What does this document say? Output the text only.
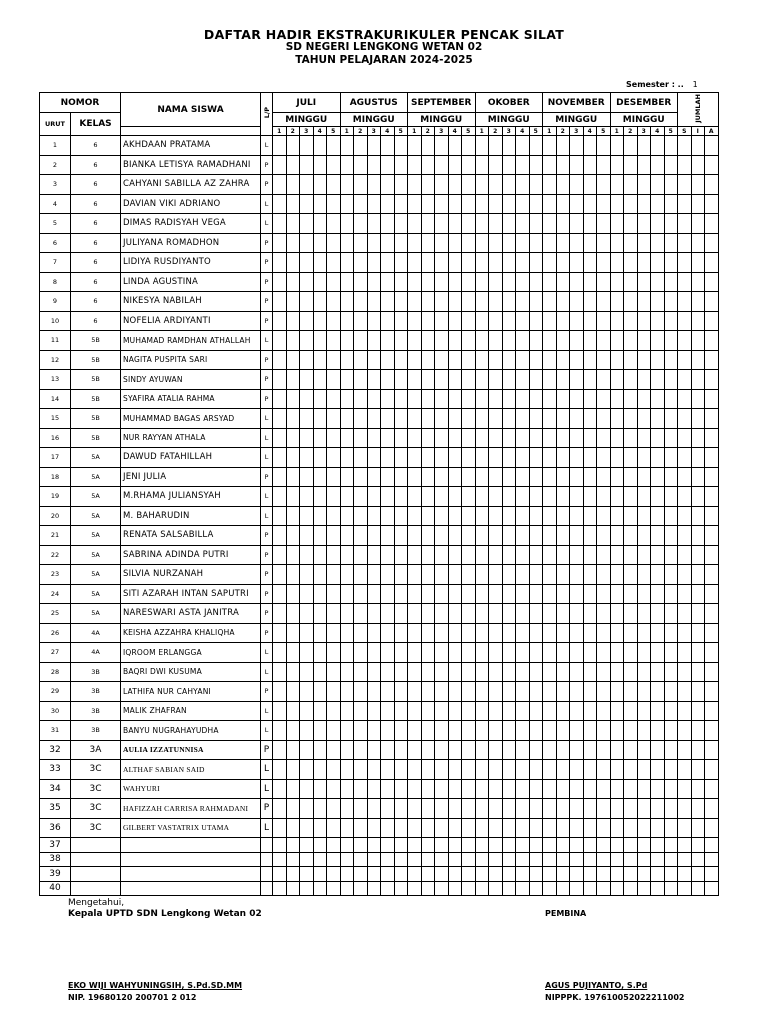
DAFTAR HADIR EKSTRAKURIKULER PENCAK SILAT
SD NEGERI LENGKONG WETAN 02
TAHUN PELAJARAN 2024-2025
Semester : .. 1
NOMOR		NAMA SISWA	L/P	JULI					AGUSTUS					SEPTEMBER					OKOBER					NOVEMBER					DESEMBER					JUMLAH		
URUT	KELAS			MINGGU					MINGGU					MINGGU					MINGGU					MINGGU					MINGGU							
				1	2	3	4	5	1	2	3	4	5	1	2	3	4	5	1	2	3	4	5	1	2	3	4	5	1	2	3	4	5	S	I	A
1	6	AKHDAAN PRATAMA	L																																	
2	6	BIANKA LETISYA RAMADHANI	P																																	
3	6	CAHYANI SABILLA AZ ZAHRA	P																																	
4	6	DAVIAN VIKI ADRIANO	L																																	
5	6	DIMAS RADISYAH VEGA	L																																	
6	6	JULIYANA ROMADHON	P																																	
7	6	LIDIYA RUSDIYANTO	P																																	
8	6	LINDA AGUSTINA	P																																	
9	6	NIKESYA NABILAH	P																																	
10	6	NOFELIA ARDIYANTI	P																																	
11	5B	MUHAMAD RAMDHAN ATHALLAH	L																																	
12	5B	NAGITA PUSPITA SARI	P																																	
13	5B	SINDY AYUWAN	P																																	
14	5B	SYAFIRA ATALIA RAHMA	P																																	
15	5B	MUHAMMAD BAGAS ARSYAD	L																																	
16	5B	NUR RAYYAN ATHALA	L																																	
17	5A	DAWUD FATAHILLAH	L																																	
18	5A	JENI JULIA	P																																	
19	5A	M.RHAMA JULIANSYAH	L																																	
20	5A	M. BAHARUDIN	L																																	
21	5A	RENATA SALSABILLA	P																																	
22	5A	SABRINA ADINDA PUTRI	P																																	
23	5A	SILVIA NURZANAH	P																																	
24	5A	SITI AZARAH INTAN SAPUTRI	P																																	
25	5A	NARESWARI ASTA JANITRA	P																																	
26	4A	KEISHA AZZAHRA KHALIQHA	P																																	
27	4A	IQROOM ERLANGGA	L																																	
28	3B	BAQRI DWI KUSUMA	L																																	
29	3B	LATHIFA NUR CAHYANI	P																																	
30	3B	MALIK ZHAFRAN	L																																	
31	3B	BANYU NUGRAHAYUDHA	L																																	
32	3A	AULIA IZZATUNNISA	P																																	
33	3C	ALTHAF SABIAN SAID	L																																	
34	3C	WAHYURI	L																																	
35	3C	HAFIZZAH CARRISA RAHMADANI	P																																	
36	3C	GILBERT VASTATRIX UTAMA	L																																	
37																																				
38																																				
39																																				
40																																				
Mengetahui,
Kepala UPTD SDN Lengkong Wetan 02	PEMBINA
EKO WIJI WAHYUNINGSIH, S.Pd.SD.MM
NIP. 19680120 200701 2 012
AGUS PUJIYANTO, S.Pd
NIPPPK. 197610052022211002
